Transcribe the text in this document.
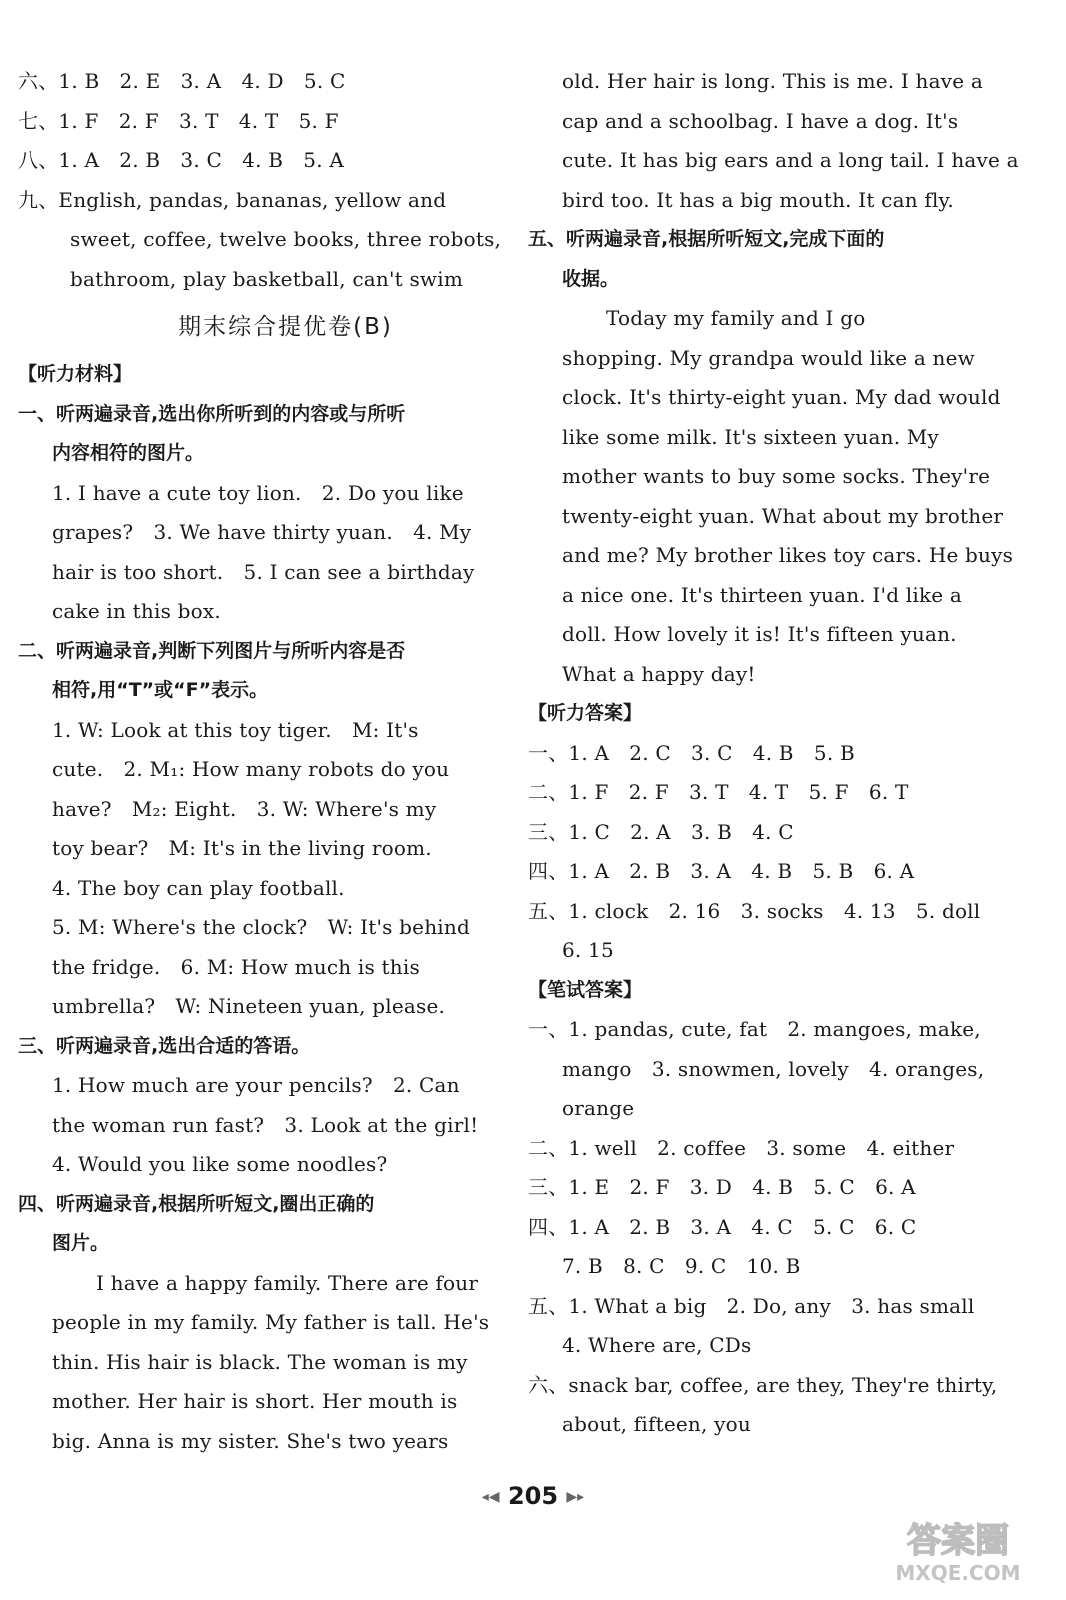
六、1. B　2. E　3. A　4. D　5. C
七、1. F　2. F　3. T　4. T　5. F
八、1. A　2. B　3. C　4. B　5. A
九、English, pandas, bananas, yellow and
sweet, coffee, twelve books, three robots,
bathroom, play basketball, can't swim
期末综合提优卷(B)
【听力材料】
一、听两遍录音,选出你所听到的内容或与所听
内容相符的图片。
1. I have a cute toy lion.　2. Do you like
grapes?　3. We have thirty yuan.　4. My
hair is too short.　5. I can see a birthday
cake in this box.
二、听两遍录音,判断下列图片与所听内容是否
相符,用“T”或“F”表示。
1. W: Look at this toy tiger.　M: It's
cute.　2. M₁: How many robots do you
have?　M₂: Eight.　3. W: Where's my
toy bear?　M: It's in the living room.
4. The boy can play football.
5. M: Where's the clock?　W: It's behind
the fridge.　6. M: How much is this
umbrella?　W: Nineteen yuan, please.
三、听两遍录音,选出合适的答语。
1. How much are your pencils?　2. Can
the woman run fast?　3. Look at the girl!
4. Would you like some noodles?
四、听两遍录音,根据所听短文,圈出正确的
图片。
I have a happy family. There are four
people in my family. My father is tall. He's
thin. His hair is black. The woman is my
mother. Her hair is short. Her mouth is
big. Anna is my sister. She's two years
old. Her hair is long. This is me. I have a
cap and a schoolbag. I have a dog. It's
cute. It has big ears and a long tail. I have a
bird too. It has a big mouth. It can fly.
五、听两遍录音,根据所听短文,完成下面的
收据。
Today my family and I go
shopping. My grandpa would like a new
clock. It's thirty-eight yuan. My dad would
like some milk. It's sixteen yuan. My
mother wants to buy some socks. They're
twenty-eight yuan. What about my brother
and me? My brother likes toy cars. He buys
a nice one. It's thirteen yuan. I'd like a
doll. How lovely it is! It's fifteen yuan.
What a happy day!
【听力答案】
一、1. A　2. C　3. C　4. B　5. B
二、1. F　2. F　3. T　4. T　5. F　6. T
三、1. C　2. A　3. B　4. C
四、1. A　2. B　3. A　4. B　5. B　6. A
五、1. clock　2. 16　3. socks　4. 13　5. doll
6. 15
【笔试答案】
一、1. pandas, cute, fat　2. mangoes, make,
mango　3. snowmen, lovely　4. oranges,
orange
二、1. well　2. coffee　3. some　4. either
三、1. E　2. F　3. D　4. B　5. C　6. A
四、1. A　2. B　3. A　4. C　5. C　6. C
7. B　8. C　9. C　10. B
五、1. What a big　2. Do, any　3. has small
4. Where are, CDs
六、snack bar, coffee, are they, They're thirty,
about, fifteen, you
◂◀ 205 ▶▸
答案圈
MXQE.COM
